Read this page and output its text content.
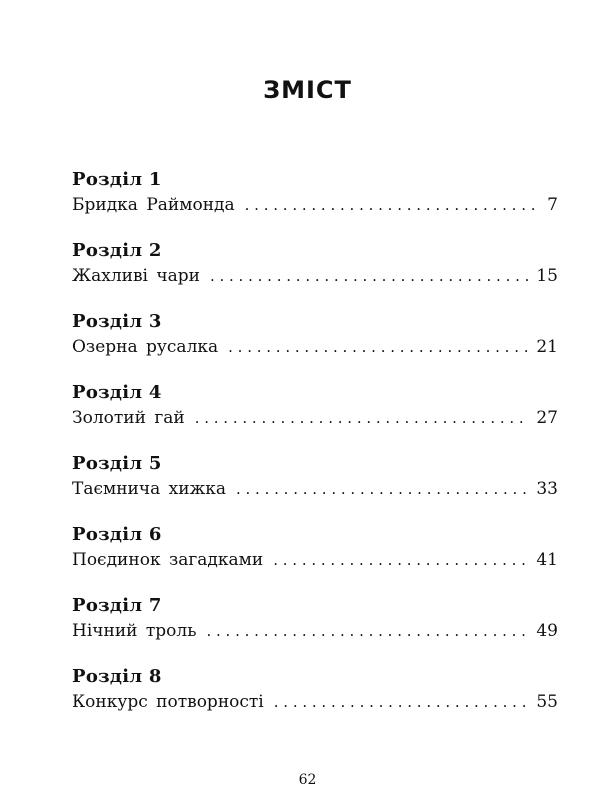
ЗМІСТ
Розділ 1
Бридка Раймонда . . .	7
Розділ 2
Жахливі чари . . .	15
Розділ 3
Озерна русалка . . .	21
Розділ 4
Золотий гай . . .	27
Розділ 5
Таємнича хижка . . .	33
Розділ 6
Поєдинок загадками . . .	41
Розділ 7
Нічний троль . . .	49
Розділ 8
Конкурс потворності . . .	55
62
